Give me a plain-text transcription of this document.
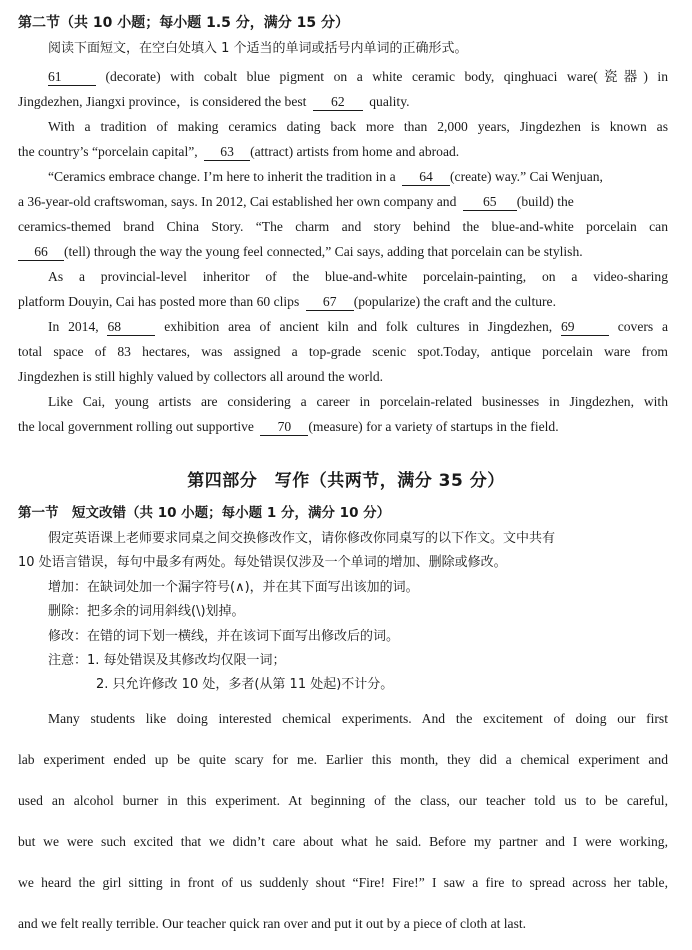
第二节（共 10 小题；每小题 1.5 分，满分 15 分）
阅读下面短文，在空白处填入 1 个适当的单词或括号内单词的正确形式。
61	(decorate) with cobalt blue pigment on a white ceramic body, qinghuaci ware(瓷器) in
Jingdezhen, Jiangxi province，is considered the best 62 quality.
With a tradition of making ceramics dating back more than 2,000 years, Jingdezhen is known as
the country’s “porcelain capital”, 63 (attract) artists from home and abroad.
“Ceramics embrace change. I’m here to inherit the tradition in a 64 (create) way.” Cai Wenjuan,
a 36-year-old craftswoman, says. In 2012, Cai established her own company and 65 (build) the
ceramics-themed brand China Story. “The charm and story behind the blue-and-white porcelain can
66 (tell) through the way the young feel connected,” Cai says, adding that porcelain can be stylish.
As a provincial-level inheritor of the blue-and-white porcelain-painting, on a video-sharing
platform Douyin, Cai has posted more than 60 clips 67 (popularize) the craft and the culture.
In 2014, 68	exhibition area of ancient kiln and folk cultures in Jingdezhen, 69	covers a
total space of 83 hectares, was assigned a top-grade scenic spot.Today, antique porcelain ware from
Jingdezhen is still highly valued by collectors all around the world.
Like Cai, young artists are considering a career in porcelain-related businesses in Jingdezhen, with
the local government rolling out supportive 70 (measure) for a variety of startups in the field.
第四部分　写作（共两节，满分 35 分）
第一节　短文改错（共 10 小题；每小题 1 分，满分 10 分）
假定英语课上老师要求同桌之间交换修改作文，请你修改你同桌写的以下作文。文中共有
10 处语言错误，每句中最多有两处。每处错误仅涉及一个单词的增加、删除或修改。
增加：在缺词处加一个漏字符号(∧)，并在其下面写出该加的词。
删除：把多余的词用斜线(\)划掉。
修改：在错的词下划一横线，并在该词下面写出修改后的词。
注意：1. 每处错误及其修改均仅限一词；
2. 只允许修改 10 处，多者(从第 11 处起)不计分。
Many students like doing interested chemical experiments. And the excitement of doing our first
lab experiment ended up be quite scary for me. Earlier this month, they did a chemical experiment and
used an alcohol burner in this experiment. At beginning of the class, our teacher told us to be careful,
but we were such excited that we didn’t care about what he said. Before my partner and I were working,
we heard the girl sitting in front of us suddenly shout “Fire! Fire!” I saw a fire to spread across her table,
and we felt really terrible. Our teacher quick ran over and put it out by a piece of cloth at last.
